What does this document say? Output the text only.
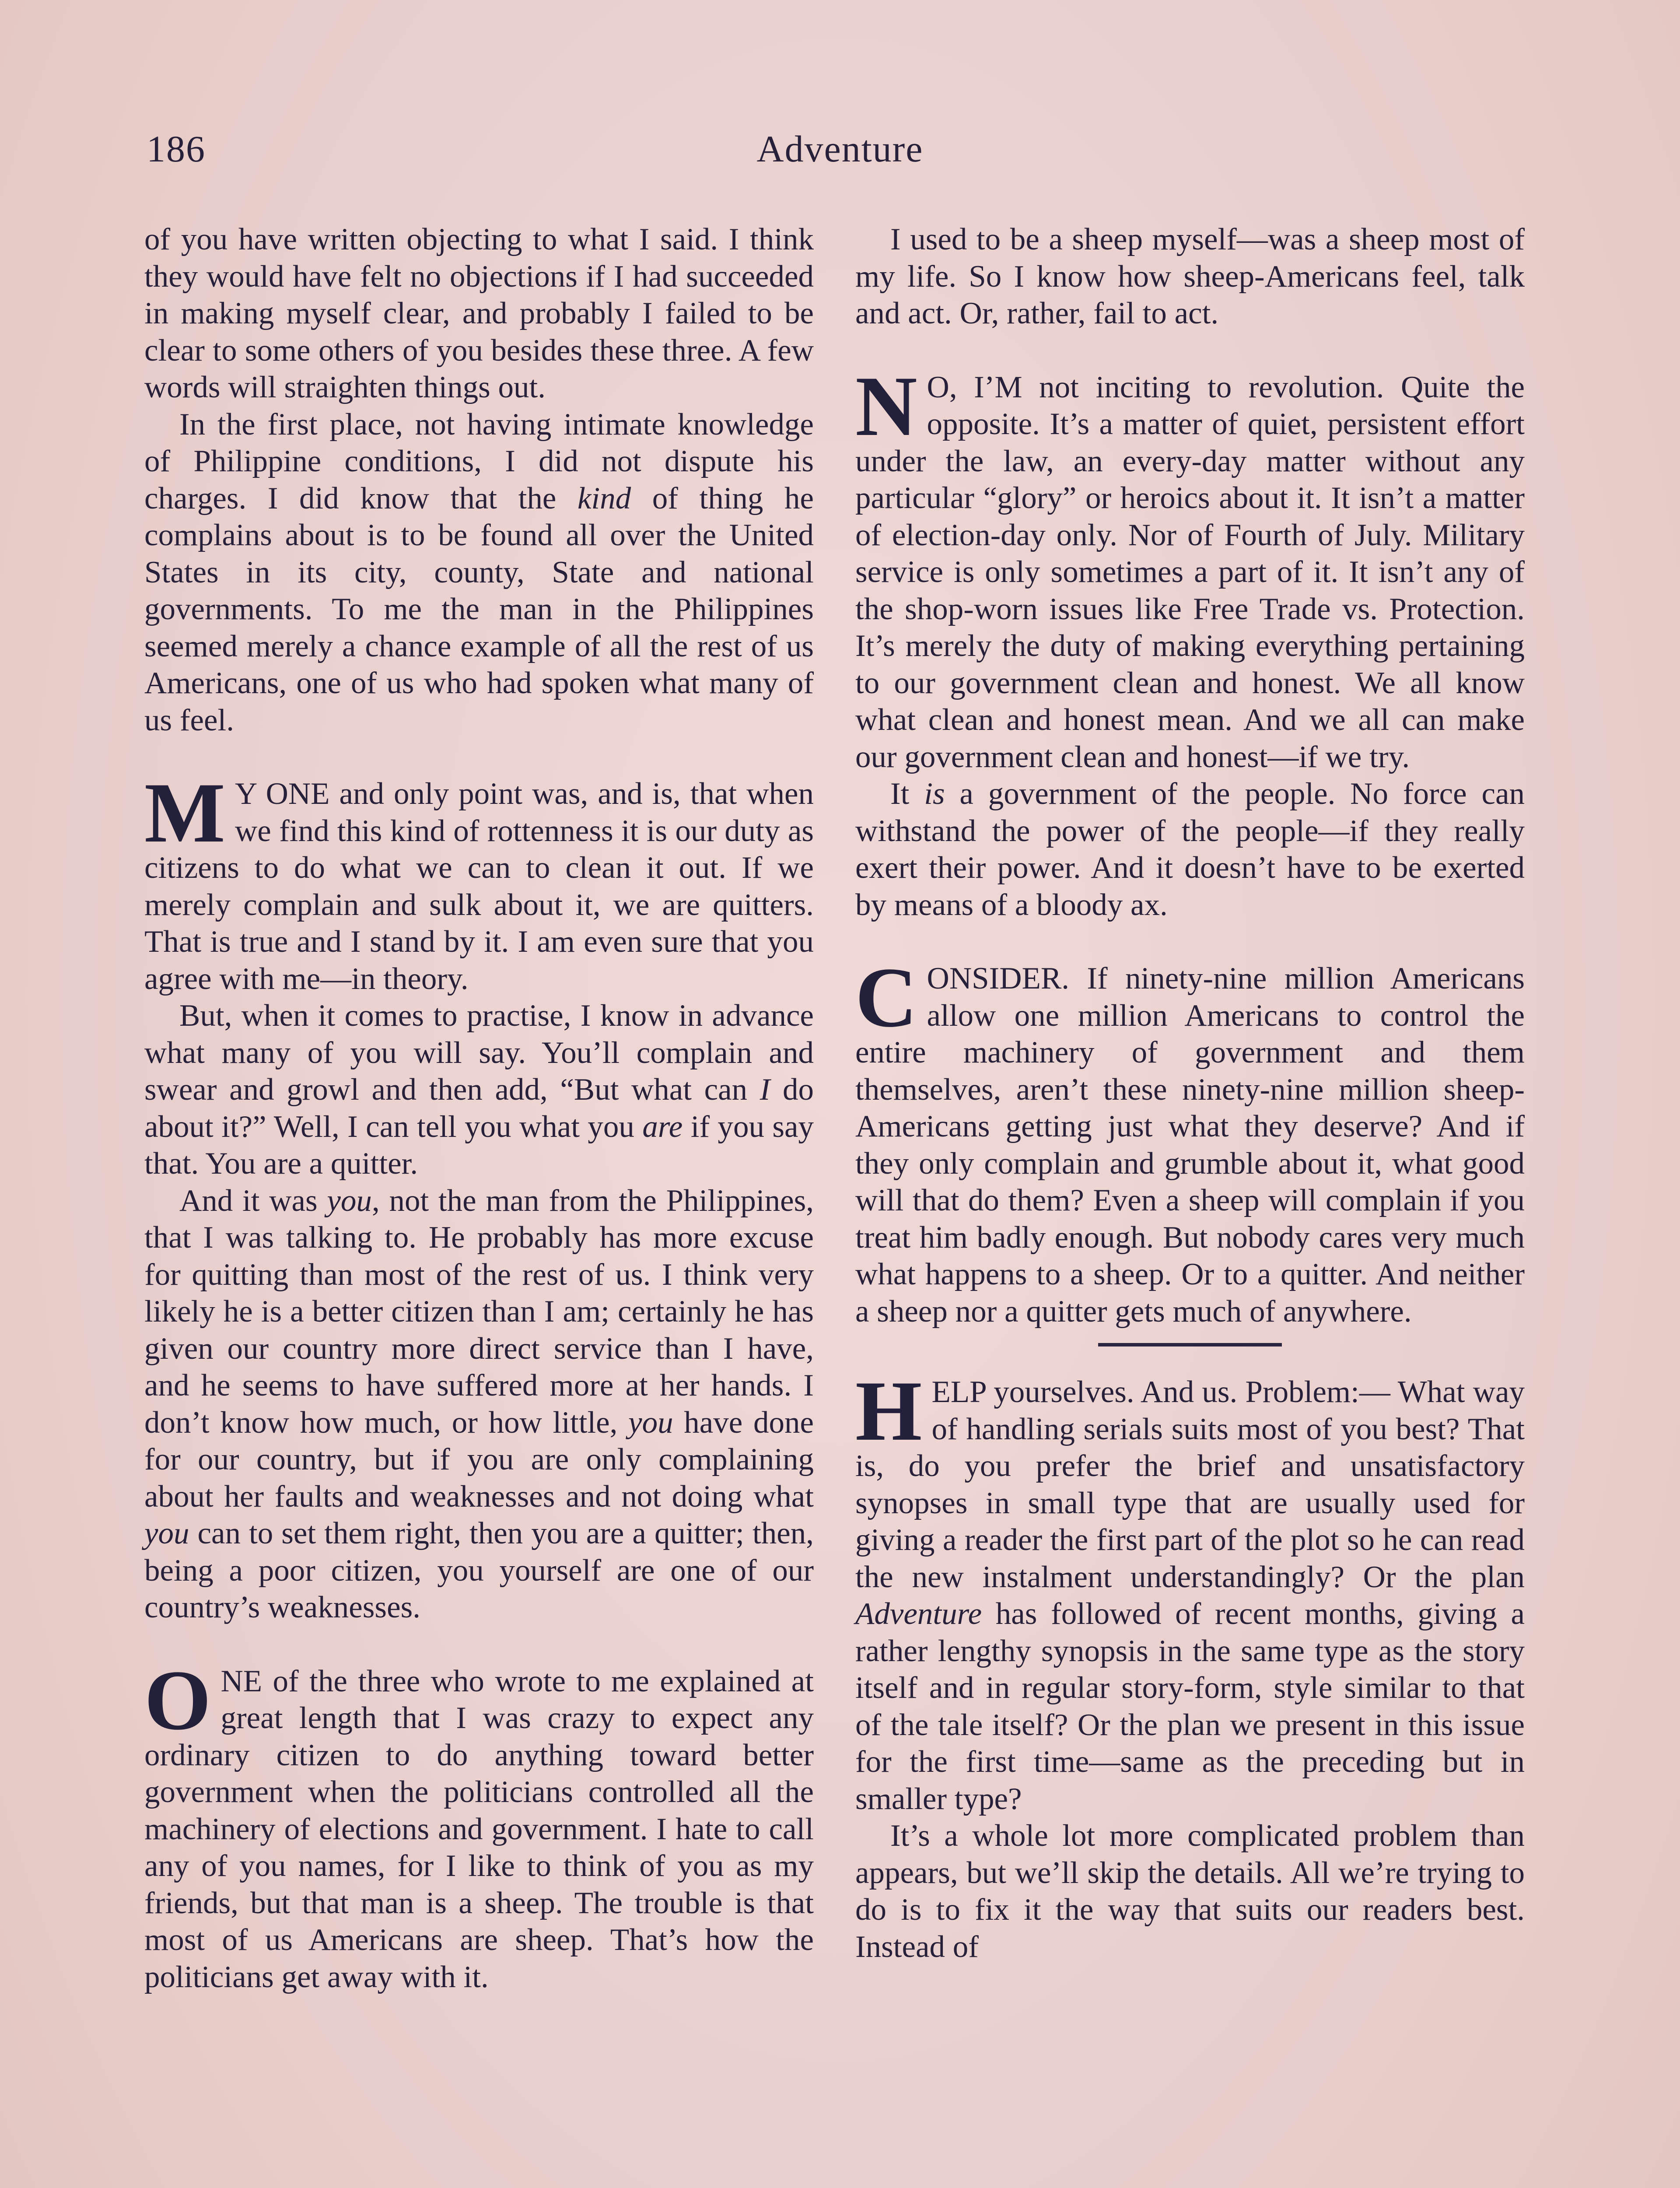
186	Adventure

of you have written objecting to what I said. I think they would have felt no objections if I had succeeded in making myself clear, and probably I failed to be clear to some others of you besides these three. A few words will straighten things out.

In the first place, not having intimate knowledge of Philippine conditions, I did not dispute his charges. I did know that the kind of thing he complains about is to be found all over the United States in its city, county, State and national governments. To me the man in the Philippines seemed merely a chance example of all the rest of us Americans, one of us who had spoken what many of us feel.

M Y ONE and only point was, and is, that when we find this kind of rottenness it is our duty as citizens to do what we can to clean it out. If we merely complain and sulk about it, we are quitters. That is true and I stand by it. I am even sure that you agree with me—in theory.

But, when it comes to practise, I know in advance what many of you will say. You’ll complain and swear and growl and then add, “But what can I do about it?” Well, I can tell you what you are if you say that. You are a quitter.

And it was you, not the man from the Philippines, that I was talking to. He probably has more excuse for quitting than most of the rest of us. I think very likely he is a better citizen than I am; certainly he has given our country more direct service than I have, and he seems to have suffered more at her hands. I don’t know how much, or how little, you have done for our country, but if you are only complaining about her faults and weaknesses and not doing what you can to set them right, then you are a quitter; then, being a poor citizen, you yourself are one of our country’s weaknesses.

ONE of the three who wrote to me explained at great length that I was crazy to expect any ordinary citizen to do anything toward better government when the politicians controlled all the machinery of elections and government. I hate to call any of you names, for I like to think of you as my friends, but that man is a sheep. The trouble is that most of us Americans are sheep. That’s how the politicians get away with it.

I used to be a sheep myself—was a sheep most of my life. So I know how sheep-Americans feel, talk and act. Or, rather, fail to act.

N O, I’M not inciting to revolution. Quite the opposite. It’s a matter of quiet, persistent effort under the law, an every-day matter without any particular “glory” or heroics about it. It isn’t a matter of election-day only. Nor of Fourth of July. Military service is only sometimes a part of it. It isn’t any of the shop-worn issues like Free Trade vs. Protection. It’s merely the duty of making everything pertaining to our government clean and honest. We all know what clean and honest mean. And we all can make our government clean and honest—if we try.

It is a government of the people. No force can withstand the power of the people—if they really exert their power. And it doesn’t have to be exerted by means of a bloody ax.

CONSIDER. If ninety-nine million Americans allow one million Americans to control the entire machinery of government and them themselves, aren’t these ninety-nine million sheep-Americans getting just what they deserve? And if they only complain and grumble about it, what good will that do them? Even a sheep will complain if you treat him badly enough. But nobody cares very much what happens to a sheep. Or to a quitter. And neither a sheep nor a quitter gets much of anywhere.

HELP yourselves. And us. Problem:— What way of handling serials suits most of you best? That is, do you prefer the brief and unsatisfactory synopses in small type that are usually used for giving a reader the first part of the plot so he can read the new instalment understandingly? Or the plan Adventure has followed of recent months, giving a rather lengthy synopsis in the same type as the story itself and in regular story-form, style similar to that of the tale itself? Or the plan we present in this issue for the first time—same as the preceding but in smaller type?

It’s a whole lot more complicated problem than appears, but we’ll skip the details. All we’re trying to do is to fix it the way that suits our readers best. Instead of
